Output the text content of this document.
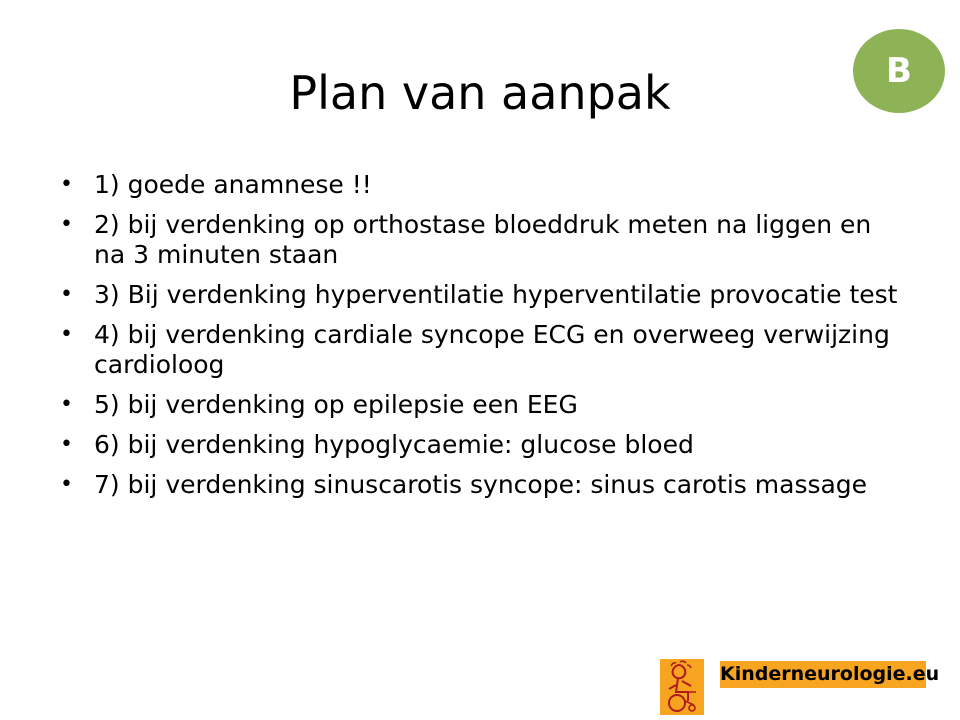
Plan van aanpak	B
• 1) goede anamnese !!
• 2) bij verdenking op orthostase bloeddruk meten na liggen en na 3 minuten staan
• 3) Bij verdenking hyperventilatie hyperventilatie provocatie test
• 4) bij verdenking cardiale syncope ECG en overweeg verwijzing cardioloog
• 5) bij verdenking op epilepsie een EEG
• 6) bij verdenking hypoglycaemie: glucose bloed
• 7) bij verdenking sinuscarotis syncope: sinus carotis massage
Kinderneurologie.eu
